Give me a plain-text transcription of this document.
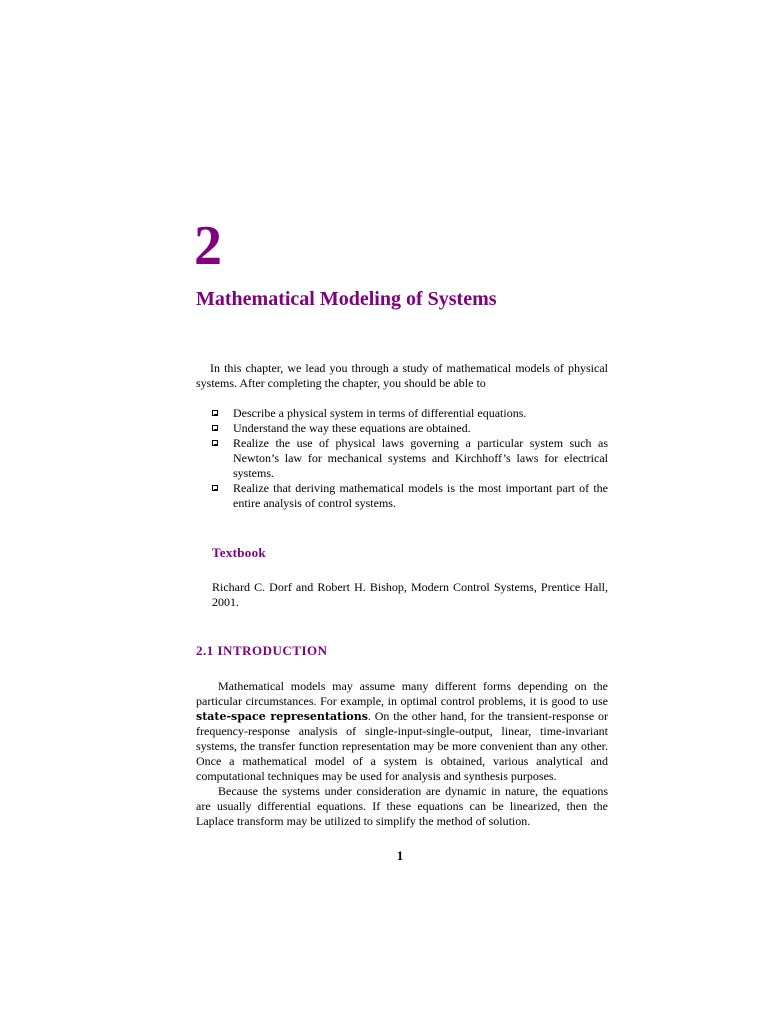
2
Mathematical Modeling of Systems
In this chapter, we lead you through a study of mathematical models of physical systems. After completing the chapter, you should be able to
Describe a physical system in terms of differential equations.
Understand the way these equations are obtained.
Realize the use of physical laws governing a particular system such as Newton’s law for mechanical systems and Kirchhoff’s laws for electrical systems.
Realize that deriving mathematical models is the most important part of the entire analysis of control systems.
Textbook
Richard C. Dorf and Robert H. Bishop, Modern Control Systems, Prentice Hall, 2001.
2.1 INTRODUCTION

Mathematical models may assume many different forms depending on the particular circumstances. For example, in optimal control problems, it is good to use state-space representations. On the other hand, for the transient-response or frequency-response analysis of single-input-single-output, linear, time-invariant systems, the transfer function representation may be more convenient than any other. Once a mathematical model of a system is obtained, various analytical and computational techniques may be used for analysis and synthesis purposes.

Because the systems under consideration are dynamic in nature, the equations are usually differential equations. If these equations can be linearized, then the Laplace transform may be utilized to simplify the method of solution.

1
